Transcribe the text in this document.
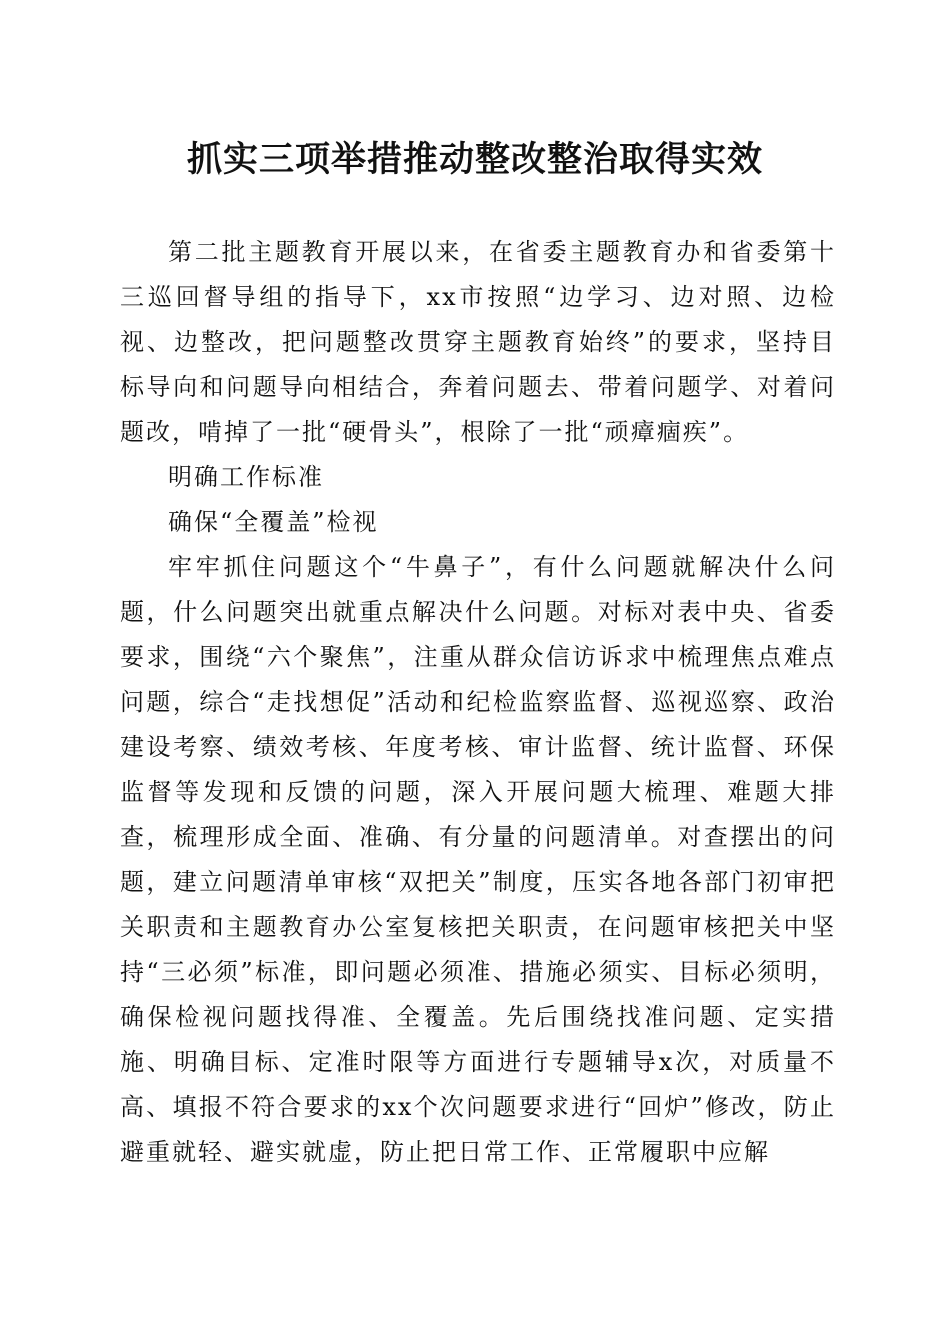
抓实三项举措推动整改整治取得实效

第二批主题教育开展以来，在省委主题教育办和省委第十三巡回督导组的指导下，xx市按照“边学习、边对照、边检视、边整改，把问题整改贯穿主题教育始终”的要求，坚持目标导向和问题导向相结合，奔着问题去、带着问题学、对着问题改，啃掉了一批“硬骨头”，根除了一批“顽瘴痼疾”。

明确工作标准

确保“全覆盖”检视

牢牢抓住问题这个“牛鼻子”，有什么问题就解决什么问题，什么问题突出就重点解决什么问题。对标对表中央、省委要求，围绕“六个聚焦”，注重从群众信访诉求中梳理焦点难点问题，综合“走找想促”活动和纪检监察监督、巡视巡察、政治建设考察、绩效考核、年度考核、审计监督、统计监督、环保监督等发现和反馈的问题，深入开展问题大梳理、难题大排查，梳理形成全面、准确、有分量的问题清单。对查摆出的问题，建立问题清单审核“双把关”制度，压实各地各部门初审把关职责和主题教育办公室复核把关职责，在问题审核把关中坚持“三必须”标准，即问题必须准、措施必须实、目标必须明，确保检视问题找得准、全覆盖。先后围绕找准问题、定实措施、明确目标、定准时限等方面进行专题辅导x次，对质量不高、填报不符合要求的xx个次问题要求进行“回炉”修改，防止避重就轻、避实就虚，防止把日常工作、正常履职中应解
